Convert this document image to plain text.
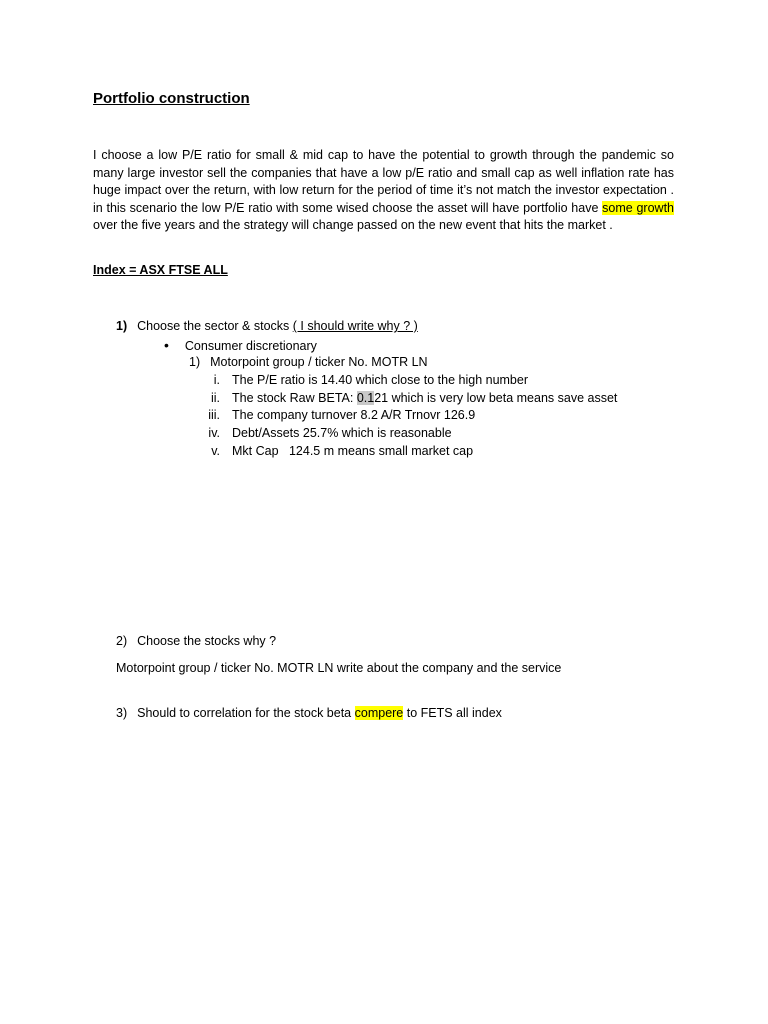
Portfolio construction
I choose a low P/E ratio for small & mid cap to have the potential to growth through the pandemic so many large investor sell the companies that have a low p/E ratio and small cap as well inflation rate has huge impact over the return, with low return for the period of time it’s not match the investor expectation . in this scenario the low P/E ratio with some wised choose the asset will have portfolio have some growth over the five years and the strategy will change passed on the new event that hits the market .
Index = ASX FTSE ALL
1) Choose the sector & stocks ( I should write why ? )
• Consumer discretionary
1) Motorpoint group / ticker No. MOTR LN
i. The P/E ratio is 14.40 which close to the high number
ii. The stock Raw BETA: 0.121 which is very low beta means save asset
iii. The company turnover 8.2 A/R Trnovr 126.9
iv. Debt/Assets 25.7% which is reasonable
v. Mkt Cap   124.5 m means small market cap
2) Choose the stocks why ?
Motorpoint group / ticker No. MOTR LN write about the company and the service
3) Should to correlation for the stock beta compere to FETS all index
